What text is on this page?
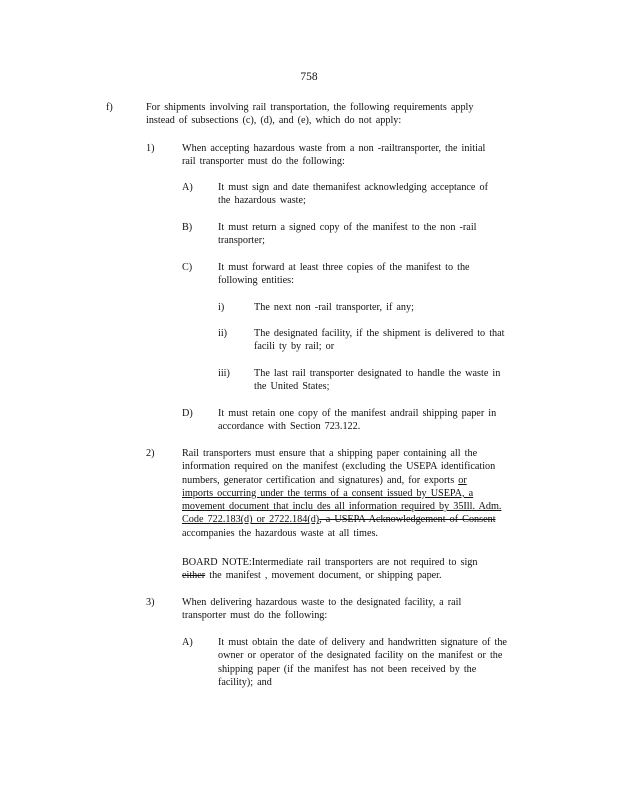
758
f)	For shipments involving rail transportation, the following requirements apply
instead of subsections (c), (d), and (e), which do not apply:
1)	When accepting hazardous waste from a non -railtransporter, the initial
rail transporter must do the following:
A) It must sign and date themanifest acknowledging acceptance of
the hazardous waste;
B)	It must return a signed copy of the manifest to the non -rail
transporter;
C)	It must forward at least three copies of the manifest to the
following entities:
i)	The next non -rail transporter, if any;
ii)	The designated facility, if the shipment is delivered to that
facili ty by rail; or
iii) The last rail transporter designated to handle the waste in
the United States;
D) It must retain one copy of the manifest andrail shipping paper in
accordance with Section 723.122.
2)	Rail transporters must ensure that a shipping paper containing all the
information required on the manifest (excluding the USEPA identification
numbers, generator certification and signatures) and, for exports or
imports occurring under the terms of a consent issued by USEPA, a
movement document that inclu des all information required by 35Ill. Adm.
Code 722.183(d) or 2722.184(d), a USEPA Acknowledgement of Consent
accompanies the hazardous waste at all times.
BOARD NOTE:Intermediate rail transporters are not required to sign
either the manifest , movement document, or shipping paper.
3)	When delivering hazardous waste to the designated facility, a rail
transporter must do the following:
A) It must obtain the date of delivery and handwritten signature of the
owner or operator of the designated facility on the manifest or the
shipping paper (if the manifest has not been received by the
facility); and
